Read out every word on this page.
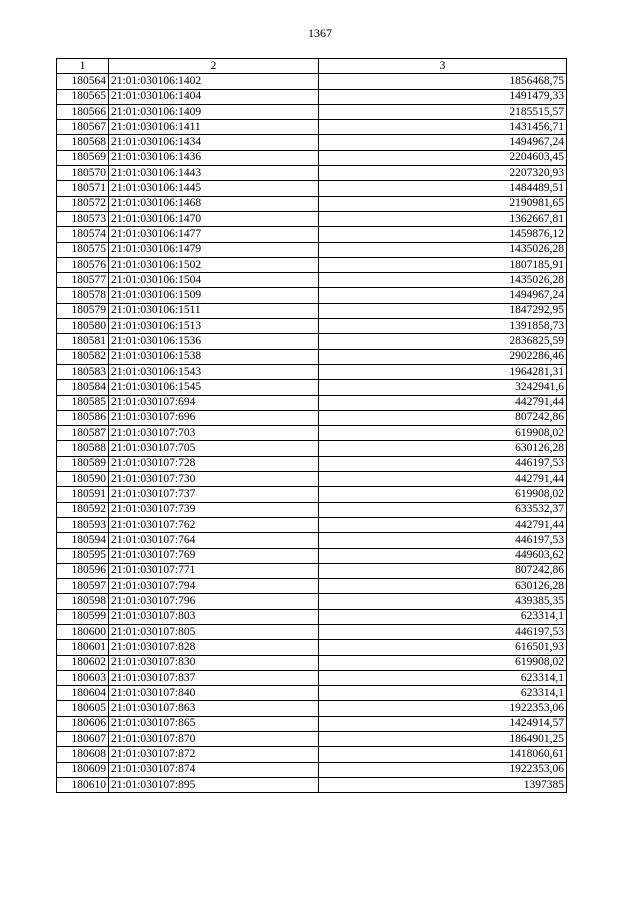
1367
1	2	3
180564	21:01:030106:1402	1856468,75
180565	21:01:030106:1404	1491479,33
180566	21:01:030106:1409	2185515,57
180567	21:01:030106:1411	1431456,71
180568	21:01:030106:1434	1494967,24
180569	21:01:030106:1436	2204603,45
180570	21:01:030106:1443	2207320,93
180571	21:01:030106:1445	1484489,51
180572	21:01:030106:1468	2190981,65
180573	21:01:030106:1470	1362667,81
180574	21:01:030106:1477	1459876,12
180575	21:01:030106:1479	1435026,28
180576	21:01:030106:1502	1807185,91
180577	21:01:030106:1504	1435026,28
180578	21:01:030106:1509	1494967,24
180579	21:01:030106:1511	1847292,95
180580	21:01:030106:1513	1391858,73
180581	21:01:030106:1536	2836825,59
180582	21:01:030106:1538	2902286,46
180583	21:01:030106:1543	1964281,31
180584	21:01:030106:1545	3242941,6
180585	21:01:030107:694	442791,44
180586	21:01:030107:696	807242,86
180587	21:01:030107:703	619908,02
180588	21:01:030107:705	630126,28
180589	21:01:030107:728	446197,53
180590	21:01:030107:730	442791,44
180591	21:01:030107:737	619908,02
180592	21:01:030107:739	633532,37
180593	21:01:030107:762	442791,44
180594	21:01:030107:764	446197,53
180595	21:01:030107:769	449603,62
180596	21:01:030107:771	807242,86
180597	21:01:030107:794	630126,28
180598	21:01:030107:796	439385,35
180599	21:01:030107:803	623314,1
180600	21:01:030107:805	446197,53
180601	21:01:030107:828	616501,93
180602	21:01:030107:830	619908,02
180603	21:01:030107:837	623314,1
180604	21:01:030107:840	623314,1
180605	21:01:030107:863	1922353,06
180606	21:01:030107:865	1424914,57
180607	21:01:030107:870	1864901,25
180608	21:01:030107:872	1418060,61
180609	21:01:030107:874	1922353,06
180610	21:01:030107:895	1397385
